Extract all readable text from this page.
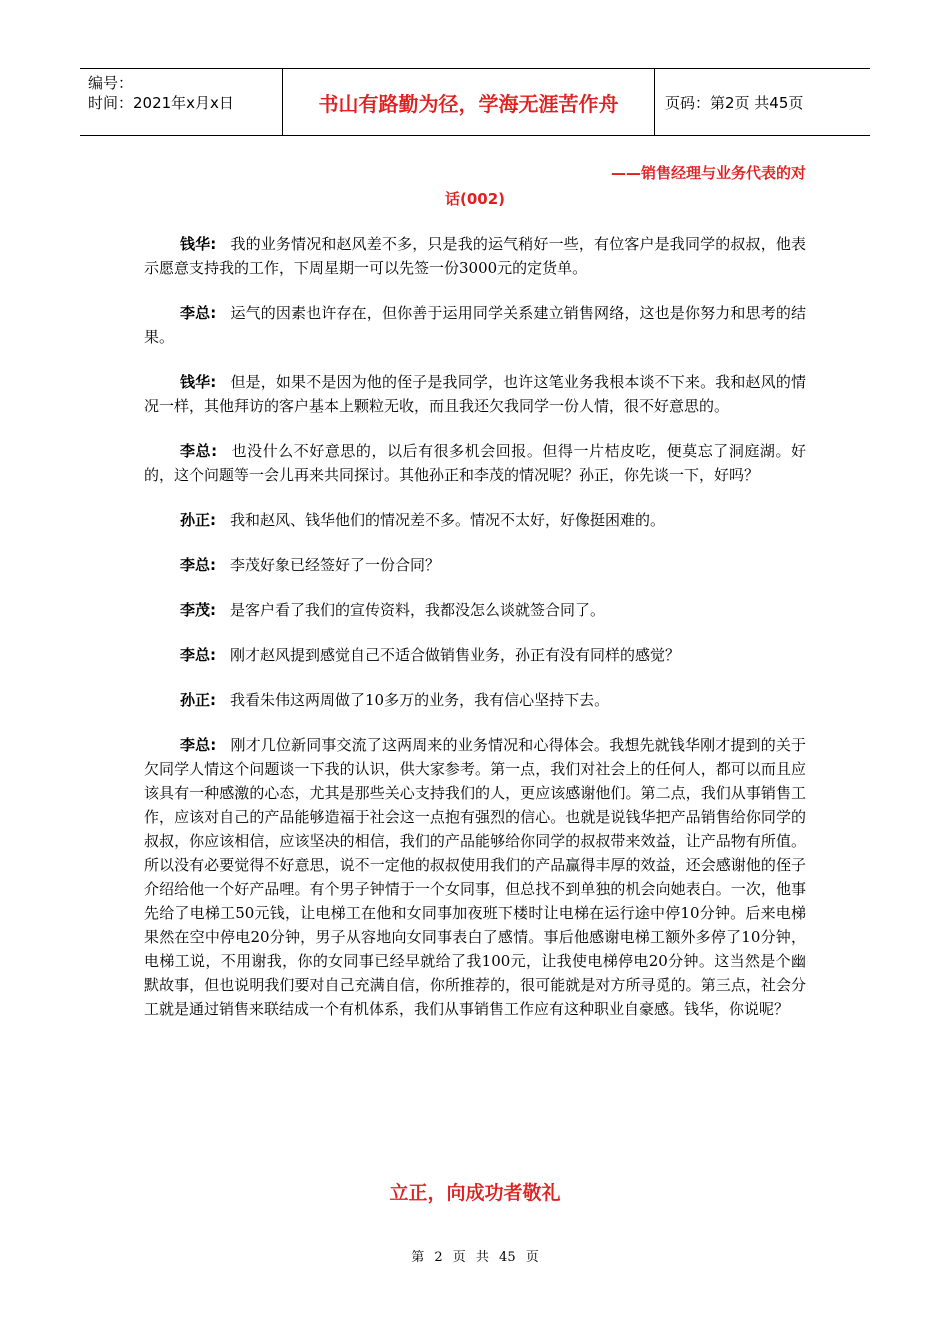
编号：
时间：2021年x月x日	书山有路勤为径，学海无涯苦作舟	页码：第2页 共45页
——销售经理与业务代表的对
话(002)

钱华: 我的业务情况和赵风差不多，只是我的运气稍好一些，有位客户是我同学的叔叔，他表示愿意支持我的工作，下周星期一可以先签一份3000元的定货单。

李总: 运气的因素也许存在，但你善于运用同学关系建立销售网络，这也是你努力和思考的结果。

钱华: 但是，如果不是因为他的侄子是我同学，也许这笔业务我根本谈不下来。我和赵风的情况一样，其他拜访的客户基本上颗粒无收，而且我还欠我同学一份人情，很不好意思的。

李总: 也没什么不好意思的，以后有很多机会回报。但得一片桔皮吃，便莫忘了洞庭湖。好的，这个问题等一会儿再来共同探讨。其他孙正和李茂的情况呢？孙正，你先谈一下，好吗？

孙正: 我和赵风、钱华他们的情况差不多。情况不太好，好像挺困难的。

李总: 李茂好象已经签好了一份合同？

李茂: 是客户看了我们的宣传资料，我都没怎么谈就签合同了。

李总: 刚才赵风提到感觉自己不适合做销售业务，孙正有没有同样的感觉？

孙正: 我看朱伟这两周做了10多万的业务，我有信心坚持下去。

李总: 刚才几位新同事交流了这两周来的业务情况和心得体会。我想先就钱华刚才提到的关于欠同学人情这个问题谈一下我的认识，供大家参考。第一点，我们对社会上的任何人，都可以而且应该具有一种感激的心态，尤其是那些关心支持我们的人，更应该感谢他们。第二点，我们从事销售工作，应该对自己的产品能够造福于社会这一点抱有强烈的信心。也就是说钱华把产品销售给你同学的叔叔，你应该相信，应该坚决的相信，我们的产品能够给你同学的叔叔带来效益，让产品物有所值。所以没有必要觉得不好意思，说不一定他的叔叔使用我们的产品赢得丰厚的效益，还会感谢他的侄子介绍给他一个好产品哩。有个男子钟情于一个女同事，但总找不到单独的机会向她表白。一次，他事先给了电梯工50元钱，让电梯工在他和女同事加夜班下楼时让电梯在运行途中停10分钟。后来电梯果然在空中停电20分钟，男子从容地向女同事表白了感情。事后他感谢电梯工额外多停了10分钟，电梯工说，不用谢我，你的女同事已经早就给了我100元，让我使电梯停电20分钟。这当然是个幽默故事，但也说明我们要对自己充满自信，你所推荐的，很可能就是对方所寻觅的。第三点，社会分工就是通过销售来联结成一个有机体系，我们从事销售工作应有这种职业自豪感。钱华，你说呢？

立正，向成功者敬礼
第 2 页 共 45 页
